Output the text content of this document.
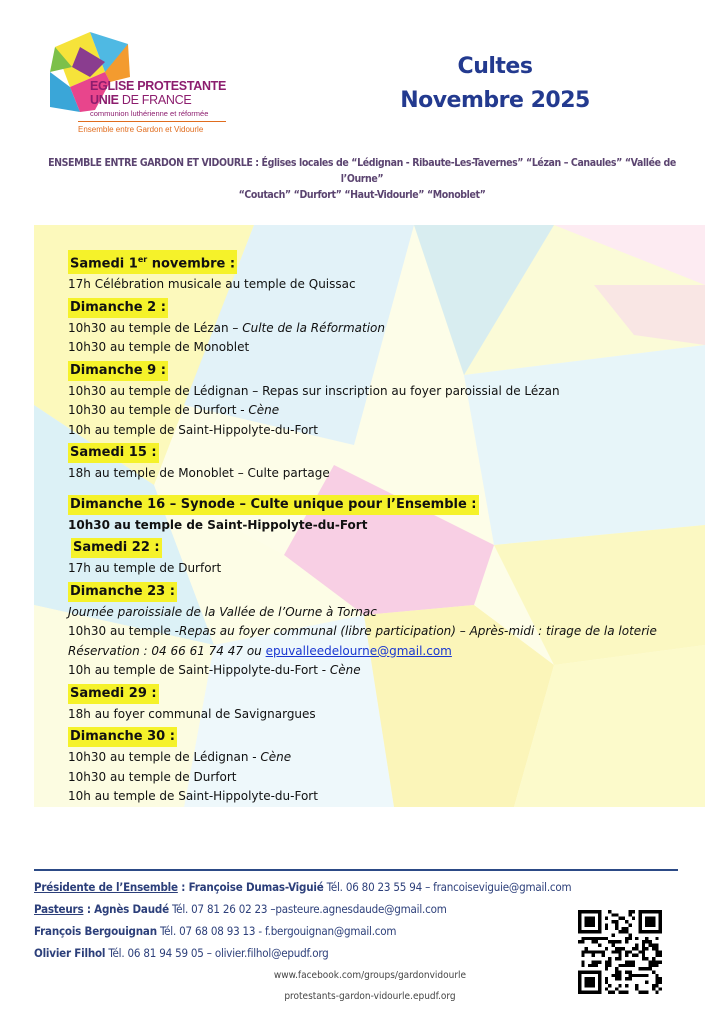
EGLISE PROTESTANTE
UNIE DE FRANCE
communion luthérienne et réformée
Ensemble entre Gardon et Vidourle
Cultes
Novembre 2025
ENSEMBLE ENTRE GARDON ET VIDOURLE : Églises locales de “Lédignan - Ribaute-Les-Tavernes” “Lézan – Canaules” “Vallée de l’Ourne”
“Coutach” “Durfort” “Haut-Vidourle” “Monoblet”
Samedi 1er novembre :
17h Célébration musicale au temple de Quissac
Dimanche 2 :
10h30 au temple de Lézan – Culte de la Réformation
10h30 au temple de Monoblet
Dimanche 9 :
10h30 au temple de Lédignan – Repas sur inscription au foyer paroissial de Lézan
10h30 au temple de Durfort - Cène
10h au temple de Saint-Hippolyte-du-Fort
Samedi 15 :
18h au temple de Monoblet – Culte partage
Dimanche 16 – Synode – Culte unique pour l’Ensemble :
10h30 au temple de Saint-Hippolyte-du-Fort
Samedi 22 :
17h au temple de Durfort
Dimanche 23 :
Journée paroissiale de la Vallée de l’Ourne à Tornac
10h30 au temple -Repas au foyer communal (libre participation) – Après-midi : tirage de la loterie
Réservation : 04 66 61 74 47 ou epuvalleedelourne@gmail.com
10h au temple de Saint-Hippolyte-du-Fort - Cène
Samedi 29 :
18h au foyer communal de Savignargues
Dimanche 30 :
10h30 au temple de Lédignan - Cène
10h30 au temple de Durfort
10h au temple de Saint-Hippolyte-du-Fort
Présidente de l’Ensemble : Françoise Dumas-Viguié Tél. 06 80 23 55 94 – francoiseviguie@gmail.com
Pasteurs : Agnès Daudé Tél. 07 81 26 02 23 –pasteure.agnesdaude@gmail.com
François Bergouignan Tél. 07 68 08 93 13 - f.bergouignan@gmail.com
Olivier Filhol Tél. 06 81 94 59 05 – olivier.filhol@epudf.org
www.facebook.com/groups/gardonvidourle
protestants-gardon-vidourle.epudf.org
